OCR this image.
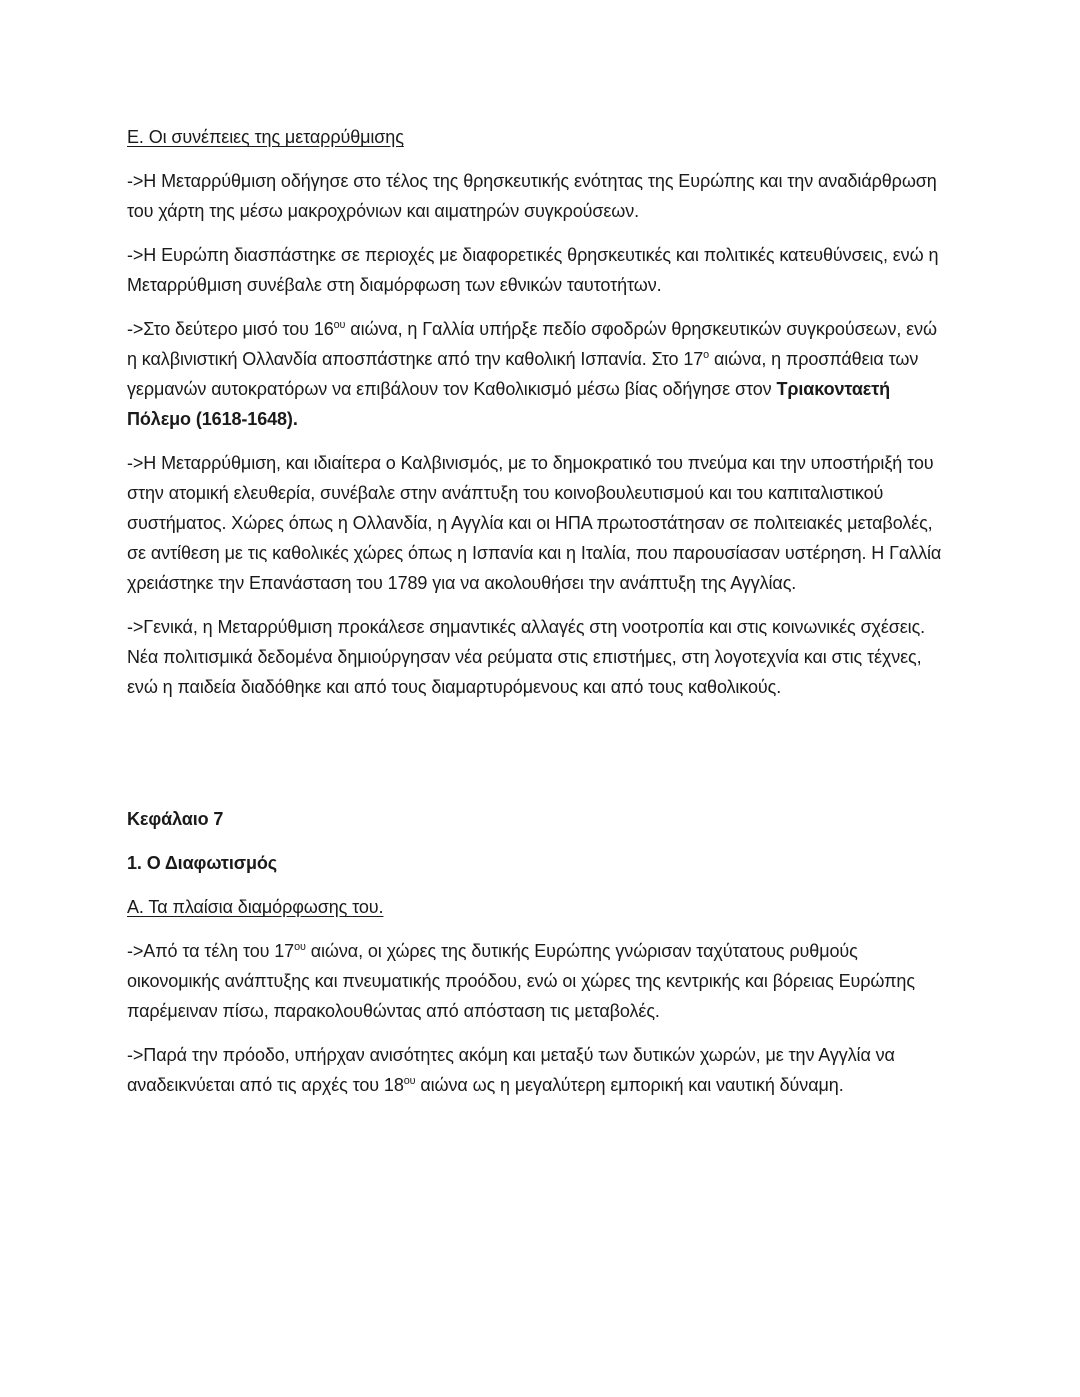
Ε. Οι συνέπειες της μεταρρύθμισης

->Η Μεταρρύθμιση οδήγησε στο τέλος της θρησκευτικής ενότητας της Ευρώπης και την αναδιάρθρωση του χάρτη της μέσω μακροχρόνιων και αιματηρών συγκρούσεων.

->Η Ευρώπη διασπάστηκε σε περιοχές με διαφορετικές θρησκευτικές και πολιτικές κατευθύνσεις, ενώ η Μεταρρύθμιση συνέβαλε στη διαμόρφωση των εθνικών ταυτοτήτων.

->Στο δεύτερο μισό του $16^{o\upsilon}$ αιώνα, η Γαλλία υπήρξε πεδίο σφοδρών θρησκευτικών συγκρούσεων, ενώ η καλβινιστική Ολλανδία αποσπάστηκε από την καθολική Ισπανία. Στο $17^o$ αιώνα, η προσπάθεια των γερμανών αυτοκρατόρων να επιβάλουν τον Καθολικισμό μέσω βίας οδήγησε στον Τριακονταετή Πόλεμο (1618-1648).

->Η Μεταρρύθμιση, και ιδιαίτερα ο Καλβινισμός, με το δημοκρατικό του πνεύμα και την υποστήριξή του στην ατομική ελευθερία, συνέβαλε στην ανάπτυξη του κοινοβουλευτισμού και του καπιταλιστικού συστήματος. Χώρες όπως η Ολλανδία, η Αγγλία και οι ΗΠΑ πρωτοστάτησαν σε πολιτειακές μεταβολές, σε αντίθεση με τις καθολικές χώρες όπως η Ισπανία και η Ιταλία, που παρουσίασαν υστέρηση. Η Γαλλία χρειάστηκε την Επανάσταση του 1789 για να ακολουθήσει την ανάπτυξη της Αγγλίας.

->Γενικά, η Μεταρρύθμιση προκάλεσε σημαντικές αλλαγές στη νοοτροπία και στις κοινωνικές σχέσεις. Νέα πολιτισμικά δεδομένα δημιούργησαν νέα ρεύματα στις επιστήμες, στη λογοτεχνία και στις τέχνες, ενώ η παιδεία διαδόθηκε και από τους διαμαρτυρόμενους και από τους καθολικούς.

Κεφάλαιο 7

1. Ο Διαφωτισμός

Α. Τα πλαίσια διαμόρφωσης του.

->Από τα τέλη του $17^{o\upsilon}$ αιώνα, οι χώρες της δυτικής Ευρώπης γνώρισαν ταχύτατους ρυθμούς οικονομικής ανάπτυξης και πνευματικής προόδου, ενώ οι χώρες της κεντρικής και βόρειας Ευρώπης παρέμειναν πίσω, παρακολουθώντας από απόσταση τις μεταβολές.

->Παρά την πρόοδο, υπήρχαν ανισότητες ακόμη και μεταξύ των δυτικών χωρών, με την Αγγλία να αναδεικνύεται από τις αρχές του $18^{o\upsilon}$ αιώνα ως η μεγαλύτερη εμπορική και ναυτική δύναμη.
